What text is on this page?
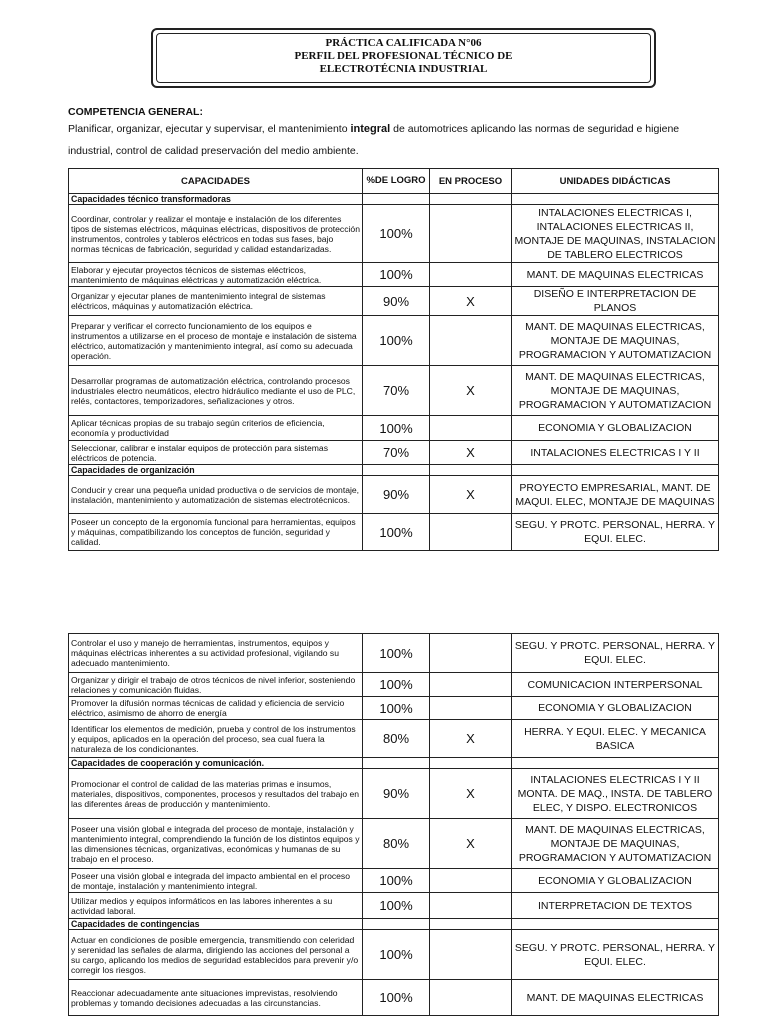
PRÁCTICA CALIFICADA N°06
PERFIL DEL PROFESIONAL TÉCNICO DE
ELECTROTÉCNIA INDUSTRIAL
COMPETENCIA GENERAL:
Planificar, organizar, ejecutar y supervisar, el mantenimiento integral de automotrices aplicando las normas de seguridad e higiene industrial, control de calidad preservación del medio ambiente.
CAPACIDADES	%DE LOGRO	EN PROCESO	UNIDADES DIDÁCTICAS
Capacidades técnico transformadoras			
Coordinar, controlar y realizar el montaje e instalación de los diferentes tipos de sistemas eléctricos, máquinas eléctricas, dispositivos de protección instrumentos, controles y tableros eléctricos en todas sus fases, bajo normas técnicas de fabricación, seguridad y calidad estandarizadas.	100%		INTALACIONES ELECTRICAS I, INTALACIONES ELECTRICAS II, MONTAJE DE MAQUINAS, INSTALACION DE TABLERO ELECTRICOS
Elaborar y ejecutar proyectos técnicos de sistemas eléctricos, mantenimiento de máquinas eléctricas y automatización eléctrica.	100%		MANT. DE MAQUINAS ELECTRICAS
Organizar y ejecutar planes de mantenimiento integral de sistemas eléctricos, máquinas y automatización eléctrica.	90%	X	DISEÑO E INTERPRETACION DE PLANOS
Preparar y verificar el correcto funcionamiento de los equipos e instrumentos a utilizarse en el proceso de montaje e instalación de sistema eléctrico, automatización y mantenimiento integral, así como su adecuada operación.	100%		MANT. DE MAQUINAS ELECTRICAS, MONTAJE DE MAQUINAS, PROGRAMACION Y AUTOMATIZACION
Desarrollar programas de automatización eléctrica, controlando procesos industriales electro neumáticos, electro hidráulico mediante el uso de PLC, relés, contactores, temporizadores, señalizaciones y otros.	70%	X	MANT. DE MAQUINAS ELECTRICAS, MONTAJE DE MAQUINAS, PROGRAMACION Y AUTOMATIZACION
Aplicar técnicas propias de su trabajo según criterios de eficiencia, economía y productividad	100%		ECONOMIA Y GLOBALIZACION
Seleccionar, calibrar e instalar equipos de protección para sistemas eléctricos de potencia.	70%	X	INTALACIONES ELECTRICAS I Y II
Capacidades de organización			
Conducir y crear una pequeña unidad productiva o de servicios de montaje, instalación, mantenimiento y automatización de sistemas electrotécnicos.	90%	X	PROYECTO EMPRESARIAL, MANT. DE MAQUI. ELEC, MONTAJE DE MAQUINAS
Poseer un concepto de la ergonomía funcional para herramientas, equipos y máquinas, compatibilizando los conceptos de función, seguridad y calidad.	100%		SEGU. Y PROTC. PERSONAL, HERRA. Y EQUI. ELEC.
Controlar el uso y manejo de herramientas, instrumentos, equipos y máquinas eléctricas inherentes a su actividad profesional, vigilando su adecuado mantenimiento.	100%		SEGU. Y PROTC. PERSONAL, HERRA. Y EQUI. ELEC.
Organizar y dirigir el trabajo de otros técnicos de nivel inferior, sosteniendo relaciones y comunicación fluidas.	100%		COMUNICACION INTERPERSONAL
Promover la difusión normas técnicas de calidad y eficiencia de servicio eléctrico, asimismo de ahorro de energía	100%		ECONOMIA Y GLOBALIZACION
Identificar los elementos de medición, prueba y control de los instrumentos y equipos, aplicados en la operación del proceso, sea cual fuera la naturaleza de los condicionantes.	80%	X	HERRA. Y EQUI. ELEC. Y MECANICA BASICA
Capacidades de cooperación y comunicación.			
Promocionar el control de calidad de las materias primas e insumos, materiales, dispositivos, componentes, procesos y resultados del trabajo en las diferentes áreas de producción y mantenimiento.	90%	X	INTALACIONES ELECTRICAS I Y II MONTA. DE MAQ., INSTA. DE TABLERO ELEC, Y DISPO. ELECTRONICOS
Poseer una visión global e integrada del proceso de montaje, instalación y mantenimiento integral, comprendiendo la función de los distintos equipos y las dimensiones técnicas, organizativas, económicas y humanas de su trabajo en el proceso.	80%	X	MANT. DE MAQUINAS ELECTRICAS, MONTAJE DE MAQUINAS, PROGRAMACION Y AUTOMATIZACION
Poseer una visión global e integrada del impacto ambiental en el proceso de montaje, instalación y mantenimiento integral.	100%		ECONOMIA Y GLOBALIZACION
Utilizar medios y equipos informáticos en las labores inherentes a su actividad laboral.	100%		INTERPRETACION DE TEXTOS
Capacidades de contingencias			
Actuar en condiciones de posible emergencia, transmitiendo con celeridad y serenidad las señales de alarma, dirigiendo las acciones del personal a su cargo, aplicando los medios de seguridad establecidos para prevenir y/o corregir los riesgos.	100%		SEGU. Y PROTC. PERSONAL, HERRA. Y EQUI. ELEC.
Reaccionar adecuadamente ante situaciones imprevistas, resolviendo problemas y tomando decisiones adecuadas a las circunstancias.	100%		MANT. DE MAQUINAS ELECTRICAS
